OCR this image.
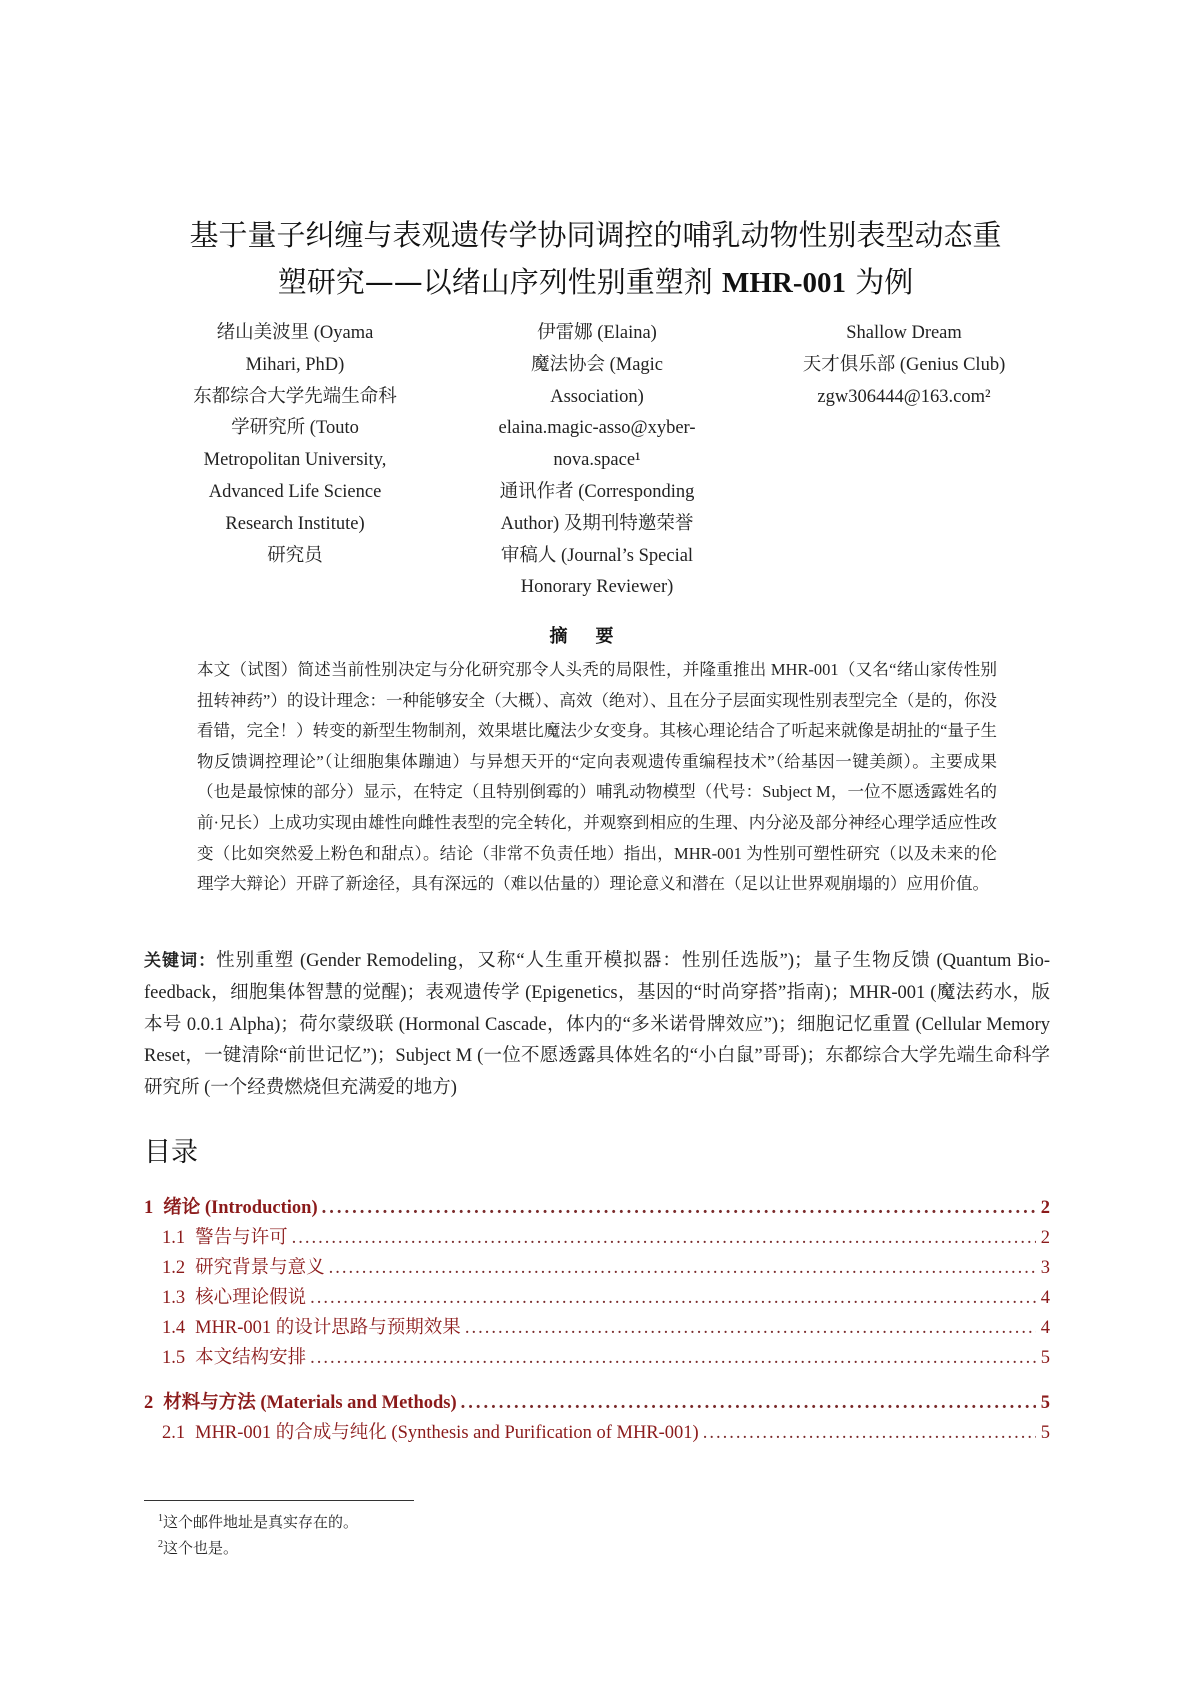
基于量子纠缠与表观遗传学协同调控的哺乳动物性别表型动态重
塑研究——以绪山序列性别重塑剂 MHR-001 为例
绪山美波里 (Oyama
Mihari, PhD)
东都综合大学先端生命科
学研究所 (Touto
Metropolitan University,
Advanced Life Science
Research Institute)
研究员
伊雷娜 (Elaina)
魔法协会 (Magic
Association)
elaina.magic-asso@xyber-
nova.space¹
通讯作者 (Corresponding
Author) 及期刊特邀荣誉
审稿人 (Journal’s Special
Honorary Reviewer)
Shallow Dream
天才俱乐部 (Genius Club)
zgw306444@163.com²
摘要
本文（试图）简述当前性别决定与分化研究那令人头秃的局限性，并隆重推出 MHR-001（又名“绪山家传性别扭转神药”）的设计理念：一种能够安全（大概）、高效（绝对）、且在分子层面实现性别表型完全（是的，你没看错，完全！）转变的新型生物制剂，效果堪比魔法少女变身。其核心理论结合了听起来就像是胡扯的“量子生物反馈调控理论”（让细胞集体蹦迪）与异想天开的“定向表观遗传重编程技术”（给基因一键美颜）。主要成果（也是最惊悚的部分）显示，在特定（且特别倒霉的）哺乳动物模型（代号：Subject M，一位不愿透露姓名的前·兄长）上成功实现由雄性向雌性表型的完全转化，并观察到相应的生理、内分泌及部分神经心理学适应性改变（比如突然爱上粉色和甜点）。结论（非常不负责任地）指出，MHR-001 为性别可塑性研究（以及未来的伦理学大辩论）开辟了新途径，具有深远的（难以估量的）理论意义和潜在（足以让世界观崩塌的）应用价值。
关键词：性别重塑 (Gender Remodeling，又称“人生重开模拟器：性别任选版”)；量子生物反馈 (Quantum Bio-feedback，细胞集体智慧的觉醒)；表观遗传学 (Epigenetics，基因的“时尚穿搭”指南)；MHR-001 (魔法药水，版本号 0.0.1 Alpha)；荷尔蒙级联 (Hormonal Cascade，体内的“多米诺骨牌效应”)；细胞记忆重置 (Cellular Memory Reset，一键清除“前世记忆”)；Subject M (一位不愿透露具体姓名的“小白鼠”哥哥)；东都综合大学先端生命科学研究所 (一个经费燃烧但充满爱的地方)
目录
1 绪论 (Introduction) .....	2
1.1 警告与许可 .....	2
1.2 研究背景与意义 .....	3
1.3 核心理论假说 .....	4
1.4 MHR-001 的设计思路与预期效果 .....	4
1.5 本文结构安排 .....	5
2 材料与方法 (Materials and Methods) .....	5
2.1 MHR-001 的合成与纯化 (Synthesis and Purification of MHR-001) .....	5
$^1$这个邮件地址是真实存在的。
$^2$这个也是。
